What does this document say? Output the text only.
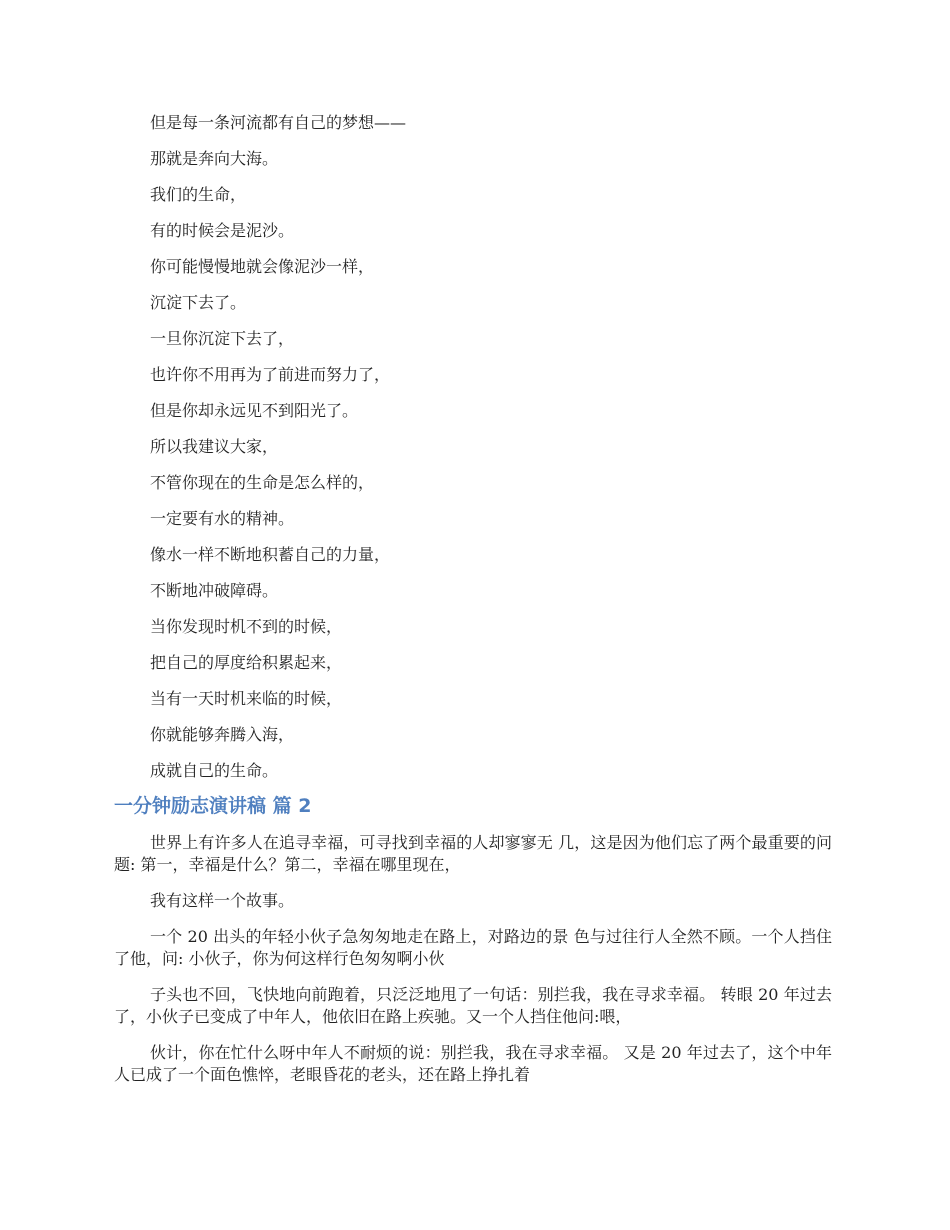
但是每一条河流都有自己的梦想——

那就是奔向大海。

我们的生命，

有的时候会是泥沙。

你可能慢慢地就会像泥沙一样，

沉淀下去了。

一旦你沉淀下去了，

也许你不用再为了前进而努力了，

但是你却永远见不到阳光了。

所以我建议大家，

不管你现在的生命是怎么样的，

一定要有水的精神。

像水一样不断地积蓄自己的力量，

不断地冲破障碍。

当你发现时机不到的时候，

把自己的厚度给积累起来，

当有一天时机来临的时候，

你就能够奔腾入海，

成就自己的生命。

一分钟励志演讲稿 篇 2

世界上有许多人在追寻幸福，可寻找到幸福的人却寥寥无 几，这是因为他们忘了两个最重要的问题: 第一，幸福是什么？第二，幸福在哪里现在，

我有这样一个故事。

一个 20 出头的年轻小伙子急匆匆地走在路上，对路边的景 色与过往行人全然不顾。一个人挡住了他，问: 小伙子，你为何这样行色匆匆啊小伙

子头也不回，飞快地向前跑着，只泛泛地甩了一句话：别拦我，我在寻求幸福。 转眼 20 年过去了，小伙子已变成了中年人，他依旧在路上疾驰。又一个人挡住他问:喂，

伙计，你在忙什么呀中年人不耐烦的说：别拦我，我在寻求幸福。 又是 20 年过去了，这个中年人已成了一个面色憔悴，老眼昏花的老头，还在路上挣扎着
